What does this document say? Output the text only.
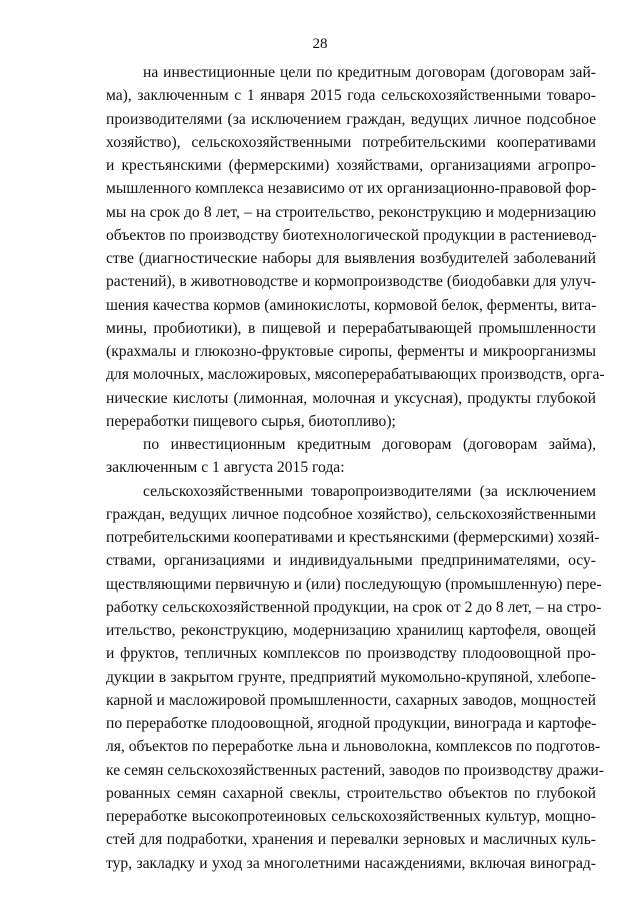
28
на инвестиционные цели по кредитным договорам (договорам зай-
ма), заключенным с 1 января 2015 года сельскохозяйственными товаро-
производителями (за исключением граждан, ведущих личное подсобное
хозяйство), сельскохозяйственными потребительскими кооперативами
и крестьянскими (фермерскими) хозяйствами, организациями агропро-
мышленного комплекса независимо от их организационно-правовой фор-
мы на срок до 8 лет, – на строительство, реконструкцию и модернизацию
объектов по производству биотехнологической продукции в растениевод-
стве (диагностические наборы для выявления возбудителей заболеваний
растений), в животноводстве и кормопроизводстве (биодобавки для улуч-
шения качества кормов (аминокислоты, кормовой белок, ферменты, вита-
мины, пробиотики), в пищевой и перерабатывающей промышленности
(крахмалы и глюкозно-фруктовые сиропы, ферменты и микроорганизмы
для молочных, масложировых, мясоперерабатывающих производств, орга-
нические кислоты (лимонная, молочная и уксусная), продукты глубокой
переработки пищевого сырья, биотопливо);
по инвестиционным кредитным договорам (договорам займа),
заключенным с 1 августа 2015 года:
сельскохозяйственными товаропроизводителями (за исключением
граждан, ведущих личное подсобное хозяйство), сельскохозяйственными
потребительскими кооперативами и крестьянскими (фермерскими) хозяй-
ствами, организациями и индивидуальными предпринимателями, осу-
ществляющими первичную и (или) последующую (промышленную) пере-
работку сельскохозяйственной продукции, на срок от 2 до 8 лет, – на стро-
ительство, реконструкцию, модернизацию хранилищ картофеля, овощей
и фруктов, тепличных комплексов по производству плодоовощной про-
дукции в закрытом грунте, предприятий мукомольно-крупяной, хлебопе-
карной и масложировой промышленности, сахарных заводов, мощностей
по переработке плодоовощной, ягодной продукции, винограда и картофе-
ля, объектов по переработке льна и льноволокна, комплексов по подготов-
ке семян сельскохозяйственных растений, заводов по производству дражи-
рованных семян сахарной свеклы, строительство объектов по глубокой
переработке высокопротеиновых сельскохозяйственных культур, мощно-
стей для подработки, хранения и перевалки зерновых и масличных куль-
тур, закладку и уход за многолетними насаждениями, включая виноград-
